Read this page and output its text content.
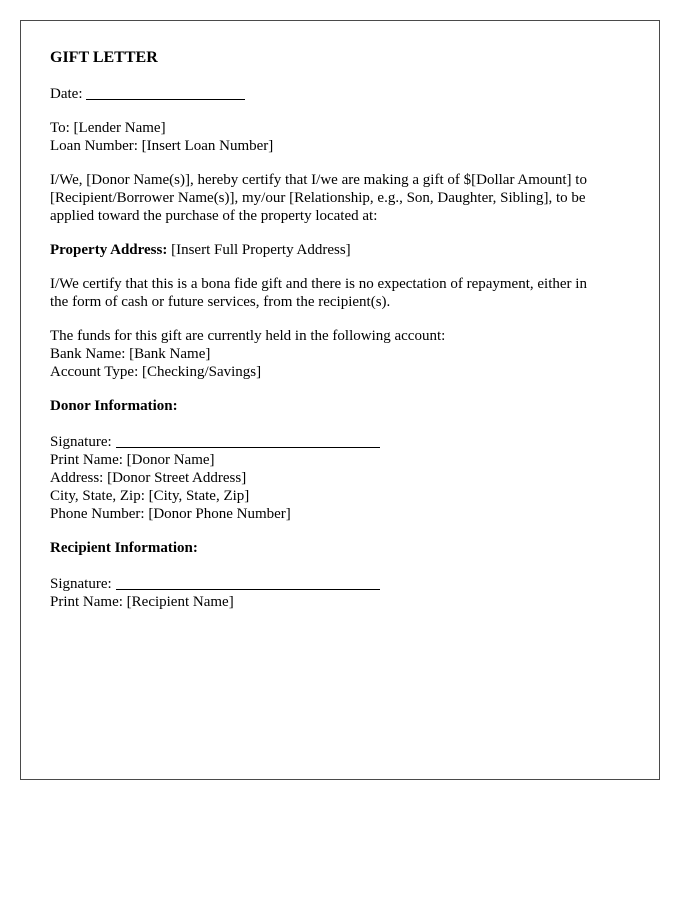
GIFT LETTER
Date:
To: [Lender Name]
Loan Number: [Insert Loan Number]
I/We, [Donor Name(s)], hereby certify that I/we are making a gift of $[Dollar Amount] to
[Recipient/Borrower Name(s)], my/our [Relationship, e.g., Son, Daughter, Sibling], to be
applied toward the purchase of the property located at:
Property Address: [Insert Full Property Address]
I/We certify that this is a bona fide gift and there is no expectation of repayment, either in
the form of cash or future services, from the recipient(s).
The funds for this gift are currently held in the following account:
Bank Name: [Bank Name]
Account Type: [Checking/Savings]
Donor Information:
Signature:
Print Name: [Donor Name]
Address: [Donor Street Address]
City, State, Zip: [City, State, Zip]
Phone Number: [Donor Phone Number]
Recipient Information:
Signature:
Print Name: [Recipient Name]
